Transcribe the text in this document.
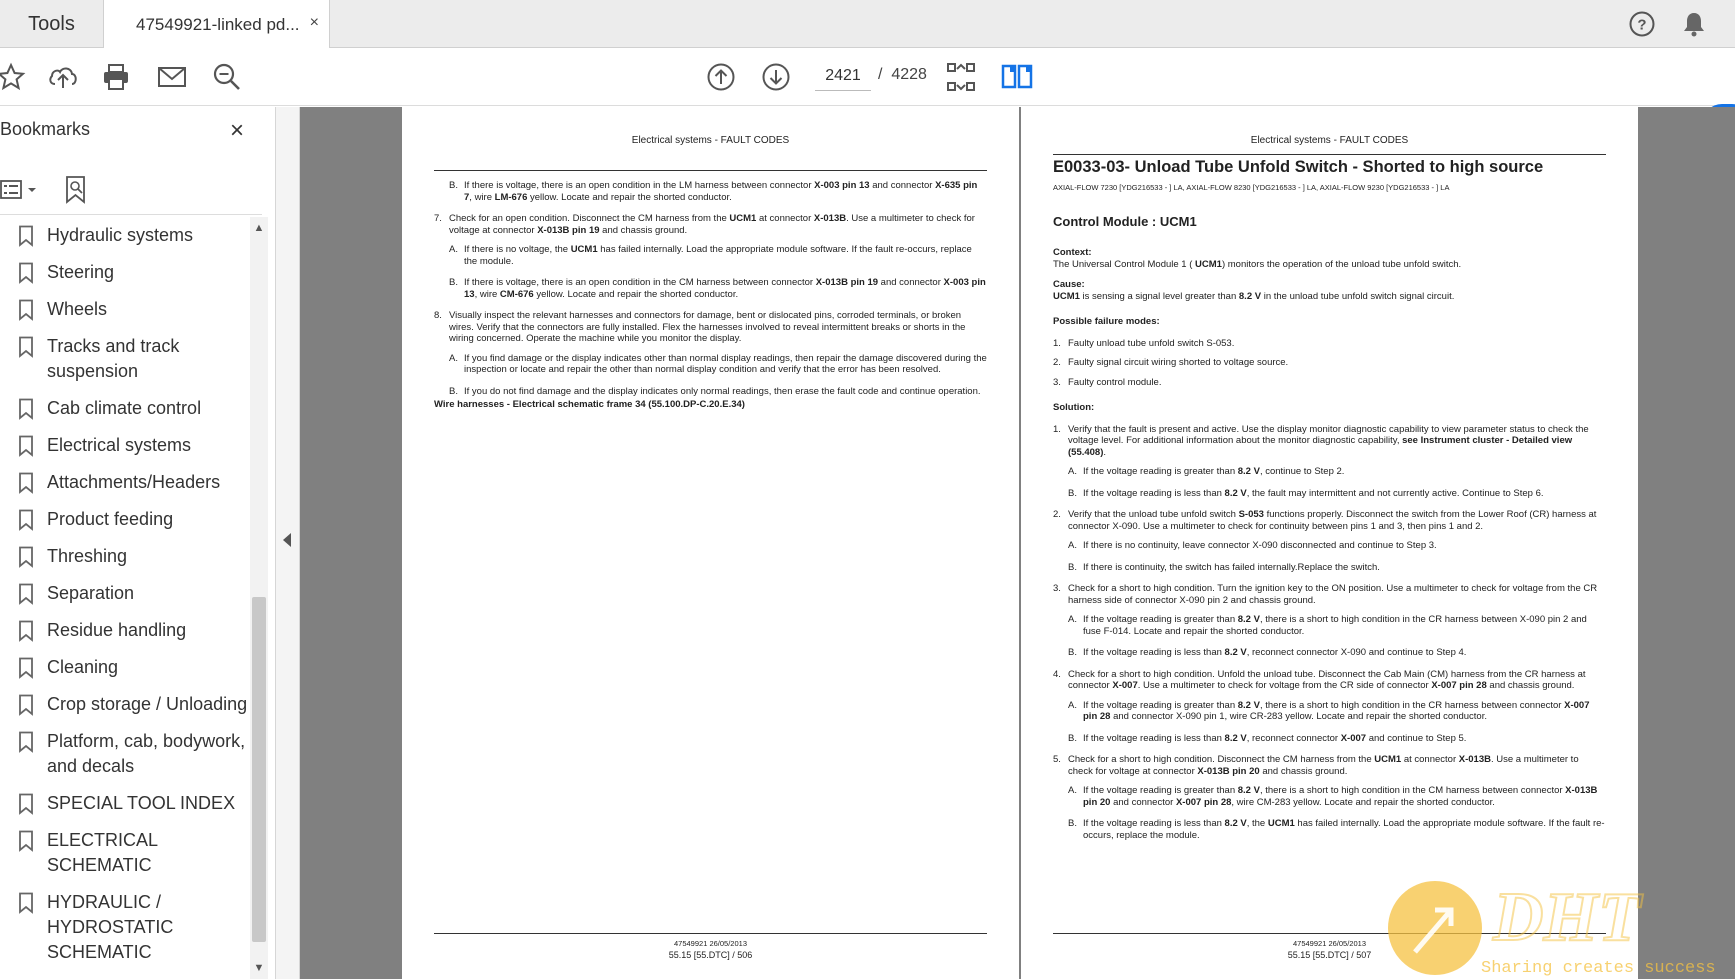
Tools	47549921-linked pd... ×	?
2421
/ 4228
Bookmarks	×
Hydraulic systems
Steering
Wheels
Tracks and track suspension
Cab climate control
Electrical systems
Attachments/Headers
Product feeding
Threshing
Separation
Residue handling
Cleaning
Crop storage / Unloading
Platform, cab, bodywork, and decals
SPECIAL TOOL INDEX
ELECTRICAL SCHEMATIC
HYDRAULIC / HYDROSTATIC SCHEMATIC
▲
▼
Electrical systems - FAULT CODES
B. If there is voltage, there is an open condition in the LM harness between connector X-003 pin 13 and connector X-635 pin 7, wire LM-676 yellow. Locate and repair the shorted conductor.
7. Check for an open condition. Disconnect the CM harness from the UCM1 at connector X-013B. Use a multimeter to check for voltage at connector X-013B pin 19 and chassis ground.
A. If there is no voltage, the UCM1 has failed internally. Load the appropriate module software. If the fault re-occurs, replace the module.
B. If there is voltage, there is an open condition in the CM harness between connector X-013B pin 19 and connector X-003 pin 13, wire CM-676 yellow. Locate and repair the shorted conductor.
8. Visually inspect the relevant harnesses and connectors for damage, bent or dislocated pins, corroded terminals, or broken wires. Verify that the connectors are fully installed. Flex the harnesses involved to reveal intermittent breaks or shorts in the wiring concerned. Operate the machine while you monitor the display.
A. If you find damage or the display indicates other than normal display readings, then repair the damage discovered during the inspection or locate and repair the other than normal display condition and verify that the error has been resolved.
B. If you do not find damage and the display indicates only normal readings, then erase the fault code and continue operation.
Wire harnesses - Electrical schematic frame 34 (55.100.DP-C.20.E.34)
47549921 26/05/2013
55.15 [55.DTC] / 506
Electrical systems - FAULT CODES
E0033-03- Unload Tube Unfold Switch - Shorted to high source
AXIAL-FLOW 7230 [YDG216533 - ] LA, AXIAL-FLOW 8230 [YDG216533 - ] LA, AXIAL-FLOW 9230 [YDG216533 - ] LA
Control Module : UCM1

Context:
The Universal Control Module 1 ( UCM1) monitors the operation of the unload tube unfold switch.

Cause:
UCM1 is sensing a signal level greater than 8.2 V in the unload tube unfold switch signal circuit.

Possible failure modes:

1. Faulty unload tube unfold switch S-053.
2. Faulty signal circuit wiring shorted to voltage source.
3. Faulty control module.

Solution:

1. Verify that the fault is present and active. Use the display monitor diagnostic capability to view parameter status to check the voltage level. For additional information about the monitor diagnostic capability, see Instrument cluster - Detailed view (55.408).
A. If the voltage reading is greater than 8.2 V, continue to Step 2.
B. If the voltage reading is less than 8.2 V, the fault may intermittent and not currently active. Continue to Step 6.
2. Verify that the unload tube unfold switch S-053 functions properly. Disconnect the switch from the Lower Roof (CR) harness at connector X-090. Use a multimeter to check for continuity between pins 1 and 3, then pins 1 and 2.
A. If there is no continuity, leave connector X-090 disconnected and continue to Step 3.
B. If there is continuity, the switch has failed internally.Replace the switch.
3. Check for a short to high condition. Turn the ignition key to the ON position. Use a multimeter to check for voltage from the CR harness side of connector X-090 pin 2 and chassis ground.
A. If the voltage reading is greater than 8.2 V, there is a short to high condition in the CR harness between X-090 pin 2 and fuse F-014. Locate and repair the shorted conductor.
B. If the voltage reading is less than 8.2 V, reconnect connector X-090 and continue to Step 4.
4. Check for a short to high condition. Unfold the unload tube. Disconnect the Cab Main (CM) harness from the CR harness at connector X-007. Use a multimeter to check for voltage from the CR side of connector X-007 pin 28 and chassis ground.
A. If the voltage reading is greater than 8.2 V, there is a short to high condition in the CR harness between connector X-007 pin 28 and connector X-090 pin 1, wire CR-283 yellow. Locate and repair the shorted conductor.
B. If the voltage reading is less than 8.2 V, reconnect connector X-007 and continue to Step 5.
5. Check for a short to high condition. Disconnect the CM harness from the UCM1 at connector X-013B. Use a multimeter to check for voltage at connector X-013B pin 20 and chassis ground.
A. If the voltage reading is greater than 8.2 V, there is a short to high condition in the CM harness between connector X-013B pin 20 and connector X-007 pin 28, wire CM-283 yellow. Locate and repair the shorted conductor.
B. If the voltage reading is less than 8.2 V, the UCM1 has failed internally. Load the appropriate module software. If the fault re-occurs, replace the module.
47549921 26/05/2013
55.15 [55.DTC] / 507	DHT
Sharing creates success
